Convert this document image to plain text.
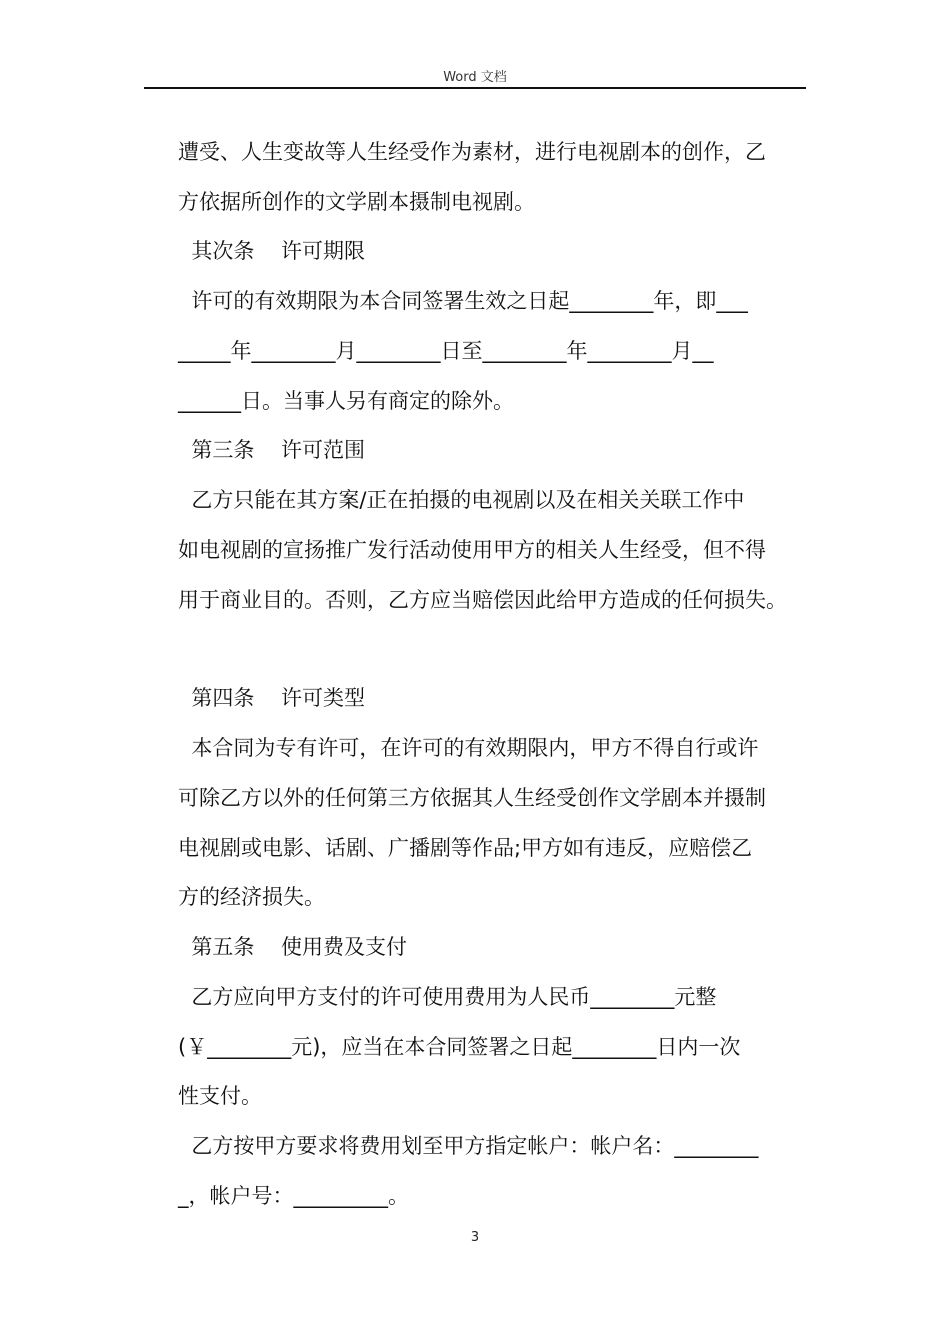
Word 文档
遭受、人生变故等人生经受作为素材，进行电视剧本的创作，乙
方依据所创作的文学剧本摄制电视剧。
其次条    许可期限
许可的有效期限为本合同签署生效之日起________年，即___
_____年________月________日至________年________月__
______日。当事人另有商定的除外。
第三条    许可范围
乙方只能在其方案/正在拍摄的电视剧以及在相关关联工作中
如电视剧的宣扬推广发行活动使用甲方的相关人生经受，但不得
用于商业目的。否则，乙方应当赔偿因此给甲方造成的任何损失。
第四条    许可类型
本合同为专有许可，在许可的有效期限内，甲方不得自行或许
可除乙方以外的任何第三方依据其人生经受创作文学剧本并摄制
电视剧或电影、话剧、广播剧等作品;甲方如有违反，应赔偿乙
方的经济损失。
第五条    使用费及支付
乙方应向甲方支付的许可使用费用为人民币________元整
(￥________元)，应当在本合同签署之日起________日内一次
性支付。
乙方按甲方要求将费用划至甲方指定帐户：帐户名：________
_，帐户号：_________。
3
